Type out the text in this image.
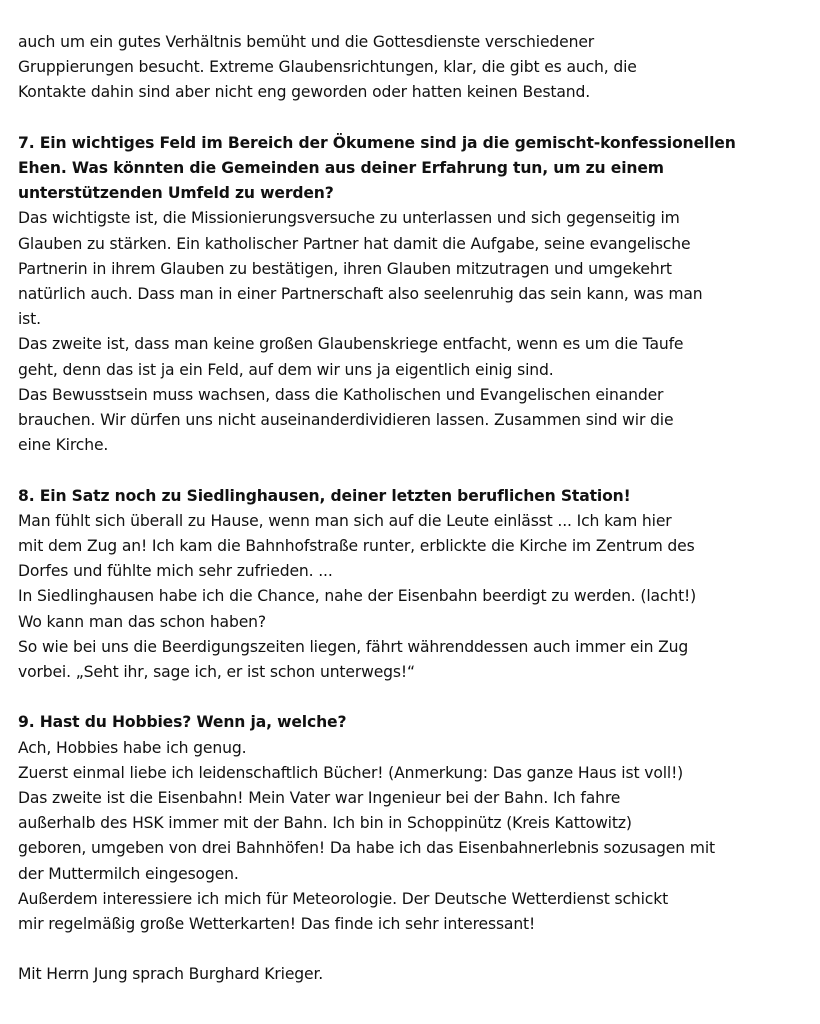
auch um ein gutes Verhältnis bemüht und die Gottesdienste verschiedener
Gruppierungen besucht. Extreme Glaubensrichtungen, klar, die gibt es auch, die
Kontakte dahin sind aber nicht eng geworden oder hatten keinen Bestand.

7. Ein wichtiges Feld im Bereich der Ökumene sind ja die gemischt-konfessionellen
Ehen. Was könnten die Gemeinden aus deiner Erfahrung tun, um zu einem
unterstützenden Umfeld zu werden?

Das wichtigste ist, die Missionierungsversuche zu unterlassen und sich gegenseitig im
Glauben zu stärken. Ein katholischer Partner hat damit die Aufgabe, seine evangelische
Partnerin in ihrem Glauben zu bestätigen, ihren Glauben mitzutragen und umgekehrt
natürlich auch. Dass man in einer Partnerschaft also seelenruhig das sein kann, was man
ist.
Das zweite ist, dass man keine großen Glaubenskriege entfacht, wenn es um die Taufe
geht, denn das ist ja ein Feld, auf dem wir uns ja eigentlich einig sind.
Das Bewusstsein muss wachsen, dass die Katholischen und Evangelischen einander
brauchen. Wir dürfen uns nicht auseinanderdividieren lassen. Zusammen sind wir die
eine Kirche.

8. Ein Satz noch zu Siedlinghausen, deiner letzten beruflichen Station!

Man fühlt sich überall zu Hause, wenn man sich auf die Leute einlässt ... Ich kam hier
mit dem Zug an! Ich kam die Bahnhofstraße runter, erblickte die Kirche im Zentrum des
Dorfes und fühlte mich sehr zufrieden. ...
In Siedlinghausen habe ich die Chance, nahe der Eisenbahn beerdigt zu werden. (lacht!)
Wo kann man das schon haben?
So wie bei uns die Beerdigungszeiten liegen, fährt währenddessen auch immer ein Zug
vorbei. „Seht ihr, sage ich, er ist schon unterwegs!“

9. Hast du Hobbies? Wenn ja, welche?

Ach, Hobbies habe ich genug.
Zuerst einmal liebe ich leidenschaftlich Bücher! (Anmerkung: Das ganze Haus ist voll!)
Das zweite ist die Eisenbahn! Mein Vater war Ingenieur bei der Bahn. Ich fahre
außerhalb des HSK immer mit der Bahn. Ich bin in Schoppinütz (Kreis Kattowitz)
geboren, umgeben von drei Bahnhöfen! Da habe ich das Eisenbahnerlebnis sozusagen mit
der Muttermilch eingesogen.
Außerdem interessiere ich mich für Meteorologie. Der Deutsche Wetterdienst schickt
mir regelmäßig große Wetterkarten! Das finde ich sehr interessant!

Mit Herrn Jung sprach Burghard Krieger.
